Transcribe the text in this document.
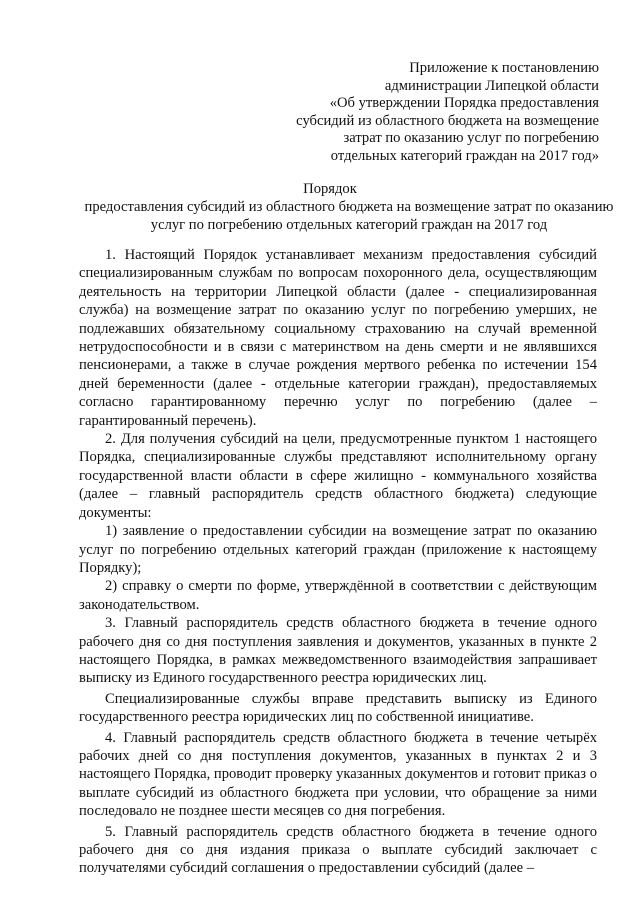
Приложение к постановлению
администрации Липецкой области
«Об утверждении Порядка предоставления
субсидий из областного бюджета на возмещение
затрат по оказанию услуг по погребению
отдельных категорий граждан на 2017 год»
Порядок
предоставления субсидий из областного бюджета на возмещение затрат по оказанию услуг по погребению отдельных категорий граждан на 2017 год

1. Настоящий Порядок устанавливает механизм предоставления субсидий специализированным службам по вопросам похоронного дела, осуществляющим деятельность на территории Липецкой области (далее - специализированная служба) на возмещение затрат по оказанию услуг по погребению умерших, не подлежавших обязательному социальному страхованию на случай временной нетрудоспособности и в связи с материнством на день смерти и не являвшихся пенсионерами, а также в случае рождения мертвого ребенка по истечении 154 дней беременности (далее - отдельные категории граждан), предоставляемых согласно гарантированному перечню услуг по погребению (далее – гарантированный перечень).

2. Для получения субсидий на цели, предусмотренные пунктом 1 настоящего Порядка, специализированные службы представляют исполнительному органу государственной власти области в сфере жилищно - коммунального хозяйства (далее – главный распорядитель средств областного бюджета) следующие документы:

1) заявление о предоставлении субсидии на возмещение затрат по оказанию услуг по погребению отдельных категорий граждан (приложение к настоящему Порядку);

2) справку о смерти по форме, утверждённой в соответствии с действующим законодательством.

3. Главный распорядитель средств областного бюджета в течение одного рабочего дня со дня поступления заявления и документов, указанных в пункте 2 настоящего Порядка, в рамках межведомственного взаимодействия запрашивает выписку из Единого государственного реестра юридических лиц.

Специализированные службы вправе представить выписку из Единого государственного реестра юридических лиц по собственной инициативе.

4. Главный распорядитель средств областного бюджета в течение четырёх рабочих дней со дня поступления документов, указанных в пунктах 2 и 3 настоящего Порядка, проводит проверку указанных документов и готовит приказ о выплате субсидий из областного бюджета при условии, что обращение за ними последовало не позднее шести месяцев со дня погребения.

5. Главный распорядитель средств областного бюджета в течение одного рабочего дня со дня издания приказа о выплате субсидий заключает с получателями субсидий соглашения о предоставлении субсидий (далее –
